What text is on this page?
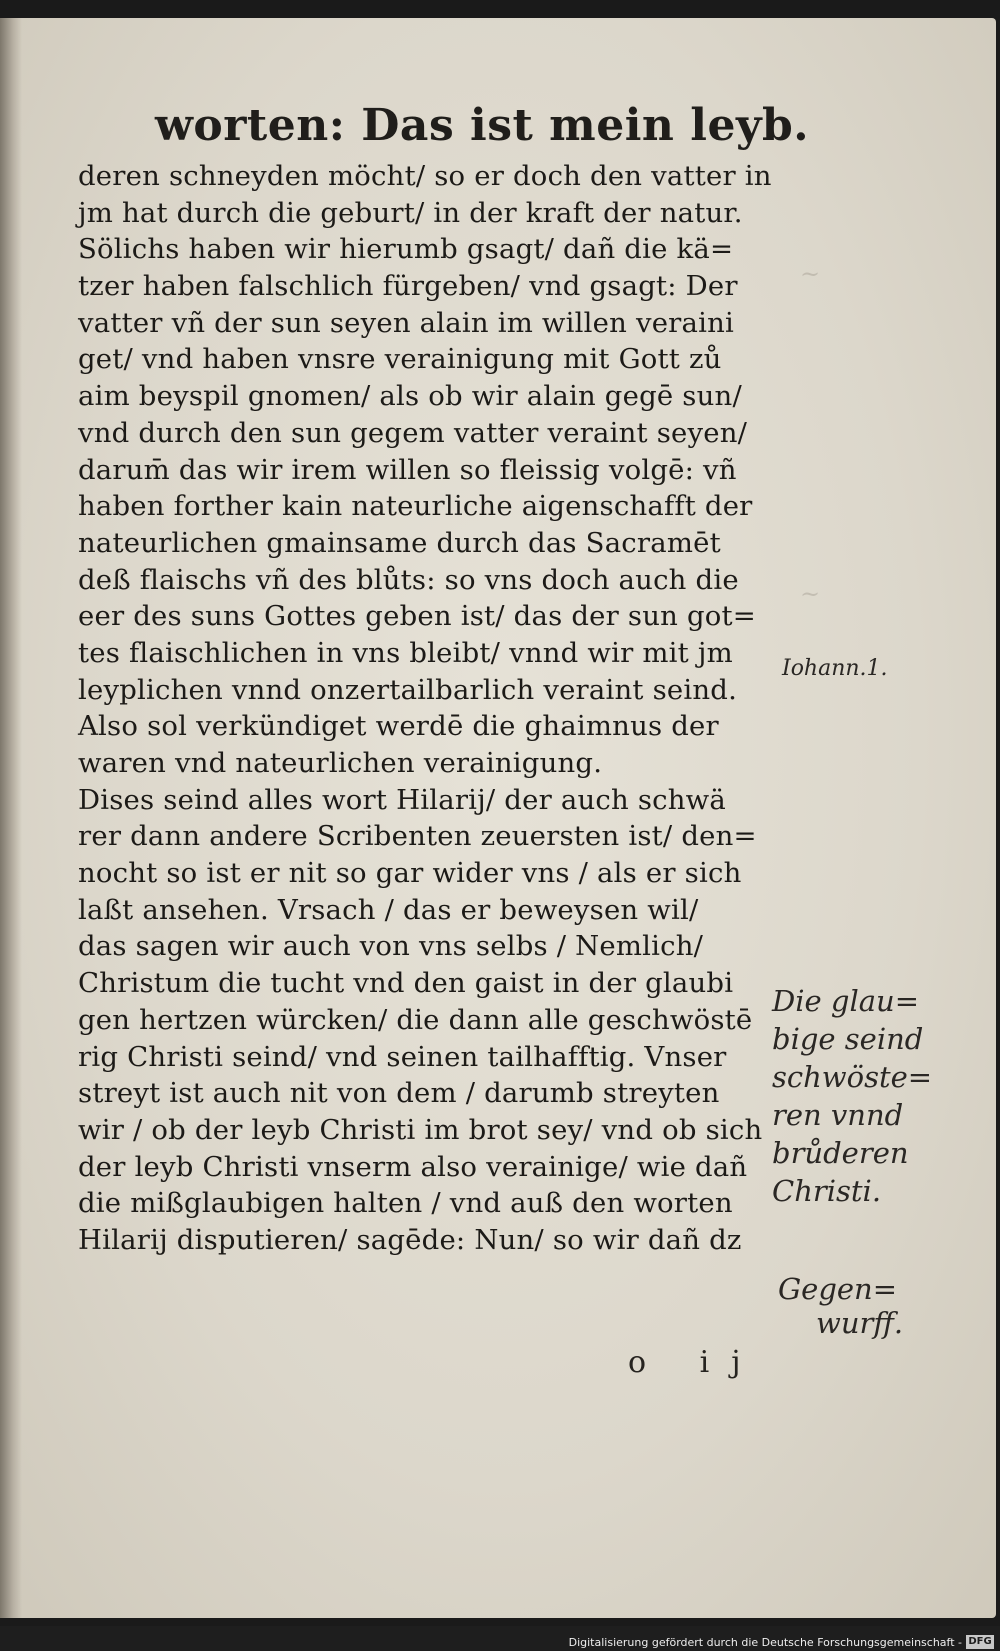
~
~
worten: Das ist mein leyb.
deren schneyden möcht/ so er doch den vatter in
jm hat durch die geburt/ in der kraft der natur.
Sölichs haben wir hierumb gsagt/ dañ die kä=
tzer haben falschlich fürgeben/ vnd gsagt: Der
vatter vñ der sun seyen alain im willen veraini
get/ vnd haben vnsre verainigung mit Gott zů
aim beyspil gnomen/ als ob wir alain gegē sun/
vnd durch den sun gegem vatter veraint seyen/
darum̄ das wir irem willen so fleissig volgē: vñ
haben forther kain nateurliche aigenschafft der
nateurlichen gmainsame durch das Sacramēt
deß flaischs vñ des blůts: so vns doch auch die
eer des suns Gottes geben ist/ das der sun got=
tes flaischlichen in vns bleibt/ vnnd wir mit jm
leyplichen vnnd onzertailbarlich veraint seind.
Also sol verkündiget werdē die ghaimnus der
waren vnd nateurlichen verainigung.
Dises seind alles wort Hilarij/ der auch schwä
rer dann andere Scribenten zeuersten ist/ den=
nocht so ist er nit so gar wider vns / als er sich
laßt ansehen. Vrsach / das er beweysen wil/
das sagen wir auch von vns selbs / Nemlich/
Christum die tucht vnd den gaist in der glaubi
gen hertzen würcken/ die dann alle geschwöstē
rig Christi seind/ vnd seinen tailhafftig. Vnser
streyt ist auch nit von dem / darumb streyten
wir / ob der leyb Christi im brot sey/ vnd ob sich
der leyb Christi vnserm also verainige/ wie dañ
die mißglaubigen halten / vnd auß den worten
Hilarij disputieren/ sagēde: Nun/ so wir dañ dz
Iohann.1.
Die glau=
bige seind
schwöste=
ren vnnd
brůderen
Christi.
Gegen=
wurff.
o ij
Digitalisierung gefördert durch die Deutsche Forschungsgemeinschaft - DFG
